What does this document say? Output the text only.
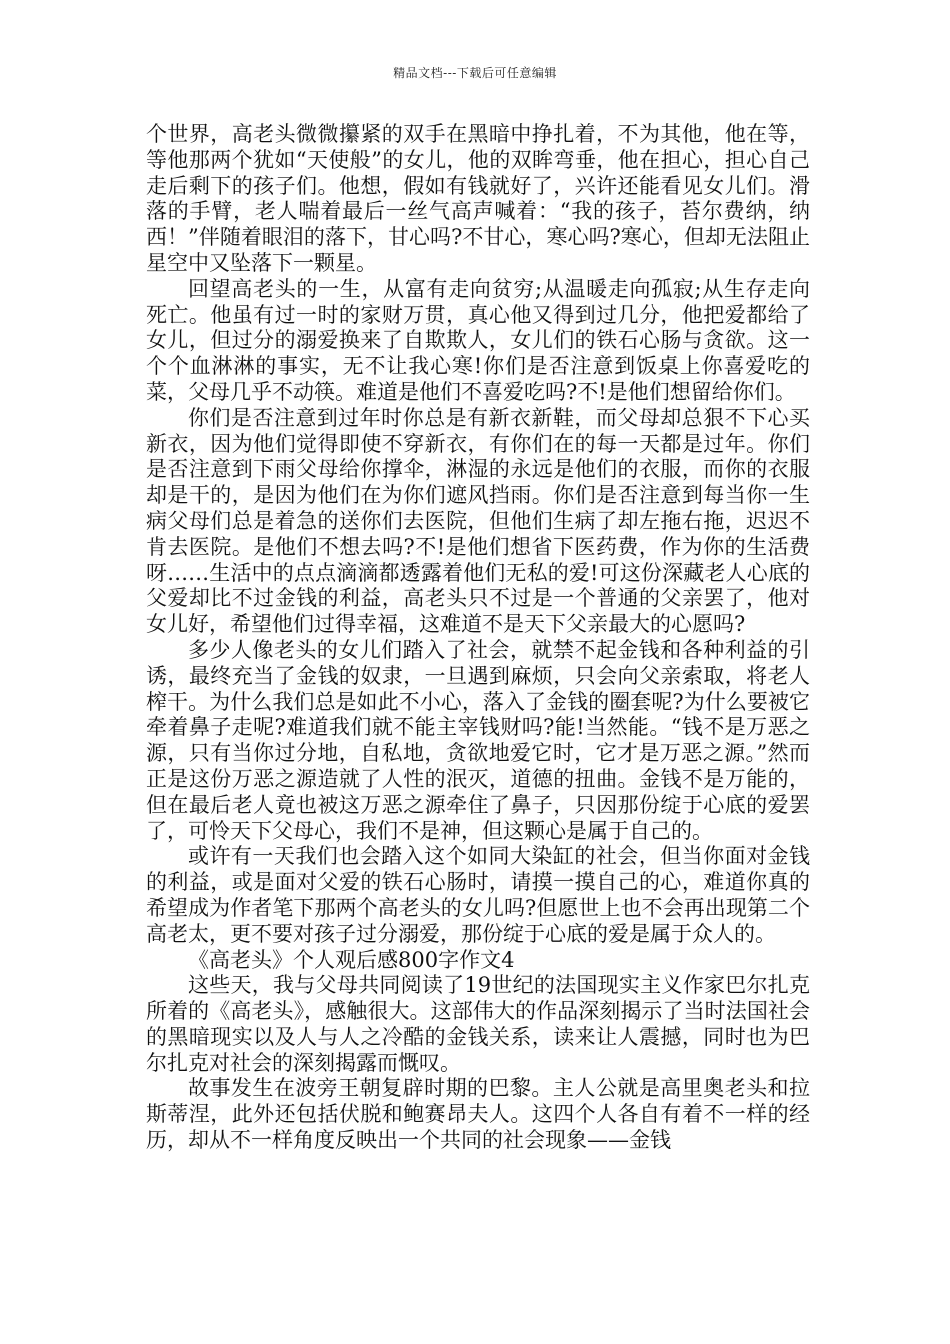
精品文档---下载后可任意编辑

个世界，高老头微微攥紧的双手在黑暗中挣扎着，不为其他，他在等，等他那两个犹如“天使般”的女儿，他的双眸弯垂，他在担心，担心自己走后剩下的孩子们。他想，假如有钱就好了，兴许还能看见女儿们。滑落的手臂，老人喘着最后一丝气高声喊着：“我的孩子，苔尔费纳，纳西！”伴随着眼泪的落下，甘心吗?不甘心，寒心吗?寒心，但却无法阻止星空中又坠落下一颗星。

回望高老头的一生，从富有走向贫穷;从温暖走向孤寂;从生存走向死亡。他虽有过一时的家财万贯，真心他又得到过几分，他把爱都给了女儿，但过分的溺爱换来了自欺欺人，女儿们的铁石心肠与贪欲。这一个个血淋淋的事实，无不让我心寒!你们是否注意到饭桌上你喜爱吃的菜，父母几乎不动筷。难道是他们不喜爱吃吗?不!是他们想留给你们。

你们是否注意到过年时你总是有新衣新鞋，而父母却总狠不下心买新衣，因为他们觉得即使不穿新衣，有你们在的每一天都是过年。你们是否注意到下雨父母给你撑伞，淋湿的永远是他们的衣服，而你的衣服却是干的，是因为他们在为你们遮风挡雨。你们是否注意到每当你一生病父母们总是着急的送你们去医院，但他们生病了却左拖右拖，迟迟不肯去医院。是他们不想去吗?不!是他们想省下医药费，作为你的生活费呀……生活中的点点滴滴都透露着他们无私的爱!可这份深藏老人心底的父爱却比不过金钱的利益，高老头只不过是一个普通的父亲罢了，他对女儿好，希望他们过得幸福，这难道不是天下父亲最大的心愿吗?

多少人像老头的女儿们踏入了社会，就禁不起金钱和各种利益的引诱，最终充当了金钱的奴隶，一旦遇到麻烦，只会向父亲索取，将老人榨干。为什么我们总是如此不小心，落入了金钱的圈套呢?为什么要被它牵着鼻子走呢?难道我们就不能主宰钱财吗?能!当然能。“钱不是万恶之源，只有当你过分地，自私地，贪欲地爱它时，它才是万恶之源。”然而正是这份万恶之源造就了人性的泯灭，道德的扭曲。金钱不是万能的，但在最后老人竟也被这万恶之源牵住了鼻子，只因那份绽于心底的爱罢了，可怜天下父母心，我们不是神，但这颗心是属于自己的。

或许有一天我们也会踏入这个如同大染缸的社会，但当你面对金钱的利益，或是面对父爱的铁石心肠时，请摸一摸自己的心，难道你真的希望成为作者笔下那两个高老头的女儿吗?但愿世上也不会再出现第二个高老太，更不要对孩子过分溺爱，那份绽于心底的爱是属于众人的。

《高老头》个人观后感800字作文4

这些天，我与父母共同阅读了19世纪的法国现实主义作家巴尔扎克所着的《高老头》，感触很大。这部伟大的作品深刻揭示了当时法国社会的黑暗现实以及人与人之冷酷的金钱关系，读来让人震撼，同时也为巴尔扎克对社会的深刻揭露而慨叹。

故事发生在波旁王朝复辟时期的巴黎。主人公就是高里奥老头和拉斯蒂涅，此外还包括伏脱和鲍赛昂夫人。这四个人各自有着不一样的经历，却从不一样角度反映出一个共同的社会现象——金钱
